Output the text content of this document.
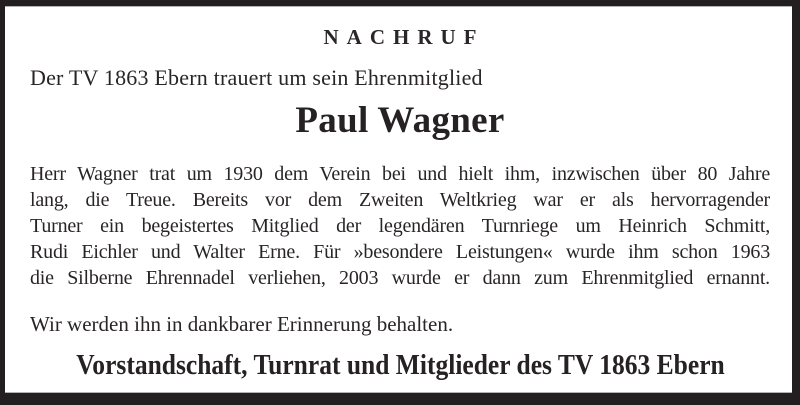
NACHRUF
Der TV 1863 Ebern trauert um sein Ehrenmitglied
Paul Wagner
Herr Wagner trat um 1930 dem Verein bei und hielt ihm, inzwischen über 80 Jahre
lang, die Treue. Bereits vor dem Zweiten Weltkrieg war er als hervorragender
Turner ein begeistertes Mitglied der legendären Turnriege um Heinrich Schmitt,
Rudi Eichler und Walter Erne. Für »besondere Leistungen« wurde ihm schon 1963
die Silberne Ehrennadel verliehen, 2003 wurde er dann zum Ehrenmitglied ernannt.
Wir werden ihn in dankbarer Erinnerung behalten.
Vorstandschaft, Turnrat und Mitglieder des TV 1863 Ebern
